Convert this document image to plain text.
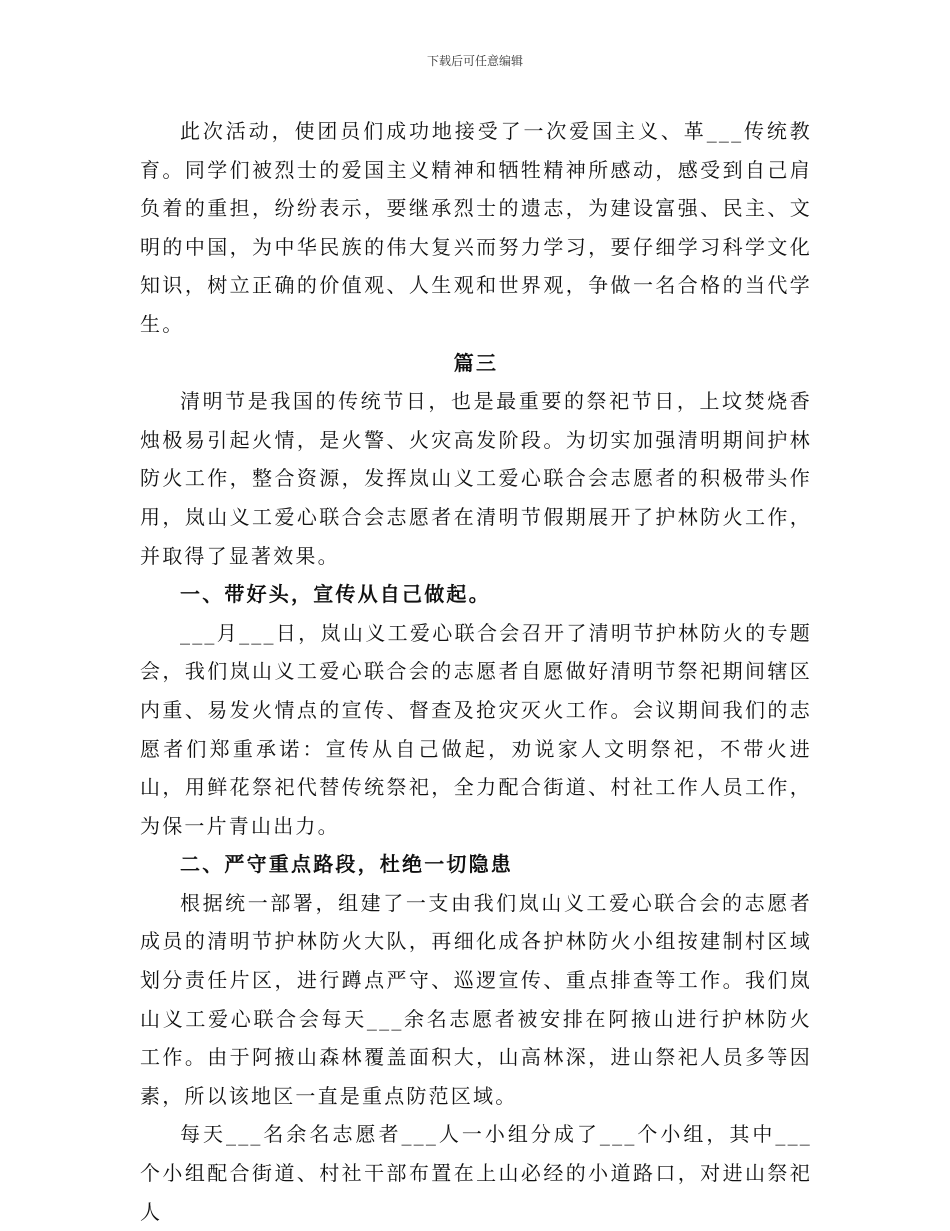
下载后可任意编辑

此次活动，使团员们成功地接受了一次爱国主义、革___传统教育。同学们被烈士的爱国主义精神和牺牲精神所感动，感受到自己肩负着的重担，纷纷表示，要继承烈士的遗志，为建设富强、民主、文明的中国，为中华民族的伟大复兴而努力学习，要仔细学习科学文化知识，树立正确的价值观、人生观和世界观，争做一名合格的当代学生。

篇三

清明节是我国的传统节日，也是最重要的祭祀节日，上坟焚烧香烛极易引起火情，是火警、火灾高发阶段。为切实加强清明期间护林防火工作，整合资源，发挥岚山义工爱心联合会志愿者的积极带头作用，岚山义工爱心联合会志愿者在清明节假期展开了护林防火工作，并取得了显著效果。

一、带好头，宣传从自己做起。

___月___日，岚山义工爱心联合会召开了清明节护林防火的专题会，我们岚山义工爱心联合会的志愿者自愿做好清明节祭祀期间辖区内重、易发火情点的宣传、督查及抢灾灭火工作。会议期间我们的志愿者们郑重承诺：宣传从自己做起，劝说家人文明祭祀，不带火进山，用鲜花祭祀代替传统祭祀，全力配合街道、村社工作人员工作，为保一片青山出力。

二、严守重点路段，杜绝一切隐患

根据统一部署，组建了一支由我们岚山义工爱心联合会的志愿者成员的清明节护林防火大队，再细化成各护林防火小组按建制村区域划分责任片区，进行蹲点严守、巡逻宣传、重点排查等工作。我们岚山义工爱心联合会每天___余名志愿者被安排在阿掖山进行护林防火工作。由于阿掖山森林覆盖面积大，山高林深，进山祭祀人员多等因素，所以该地区一直是重点防范区域。

每天___名余名志愿者___人一小组分成了___个小组，其中___个小组配合街道、村社干部布置在上山必经的小道路口，对进山祭祀人
